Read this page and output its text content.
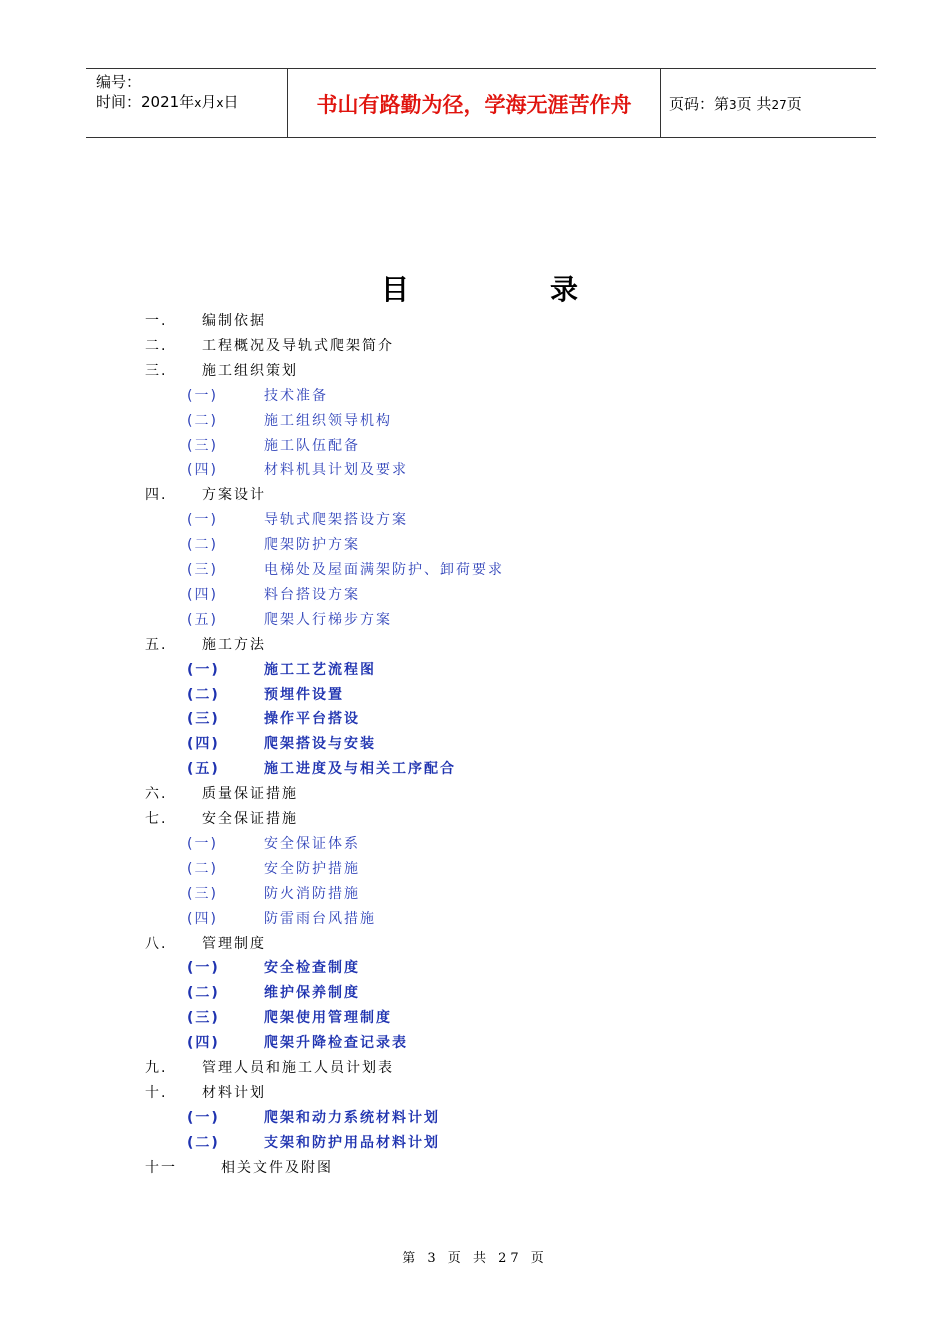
编号：
时间：2021年x月x日	书山有路勤为径，学海无涯苦作舟	页码：第3页 共27页
目	录
一. 编制依据
二. 工程概况及导轨式爬架简介
三. 施工组织策划
(一)	技术准备
(二)	施工组织领导机构
(三)	施工队伍配备
(四)	材料机具计划及要求
四. 方案设计
(一)	导轨式爬架搭设方案
(二)	爬架防护方案
(三)	电梯处及屋面满架防护、卸荷要求
(四)	料台搭设方案
(五)	爬架人行梯步方案
五. 施工方法
(一)	施工工艺流程图
(二)	预埋件设置
(三)	操作平台搭设
(四)	爬架搭设与安装
(五)	施工进度及与相关工序配合
六. 质量保证措施
七. 安全保证措施
(一)	安全保证体系
(二)	安全防护措施
(三)	防火消防措施
(四)	防雷雨台风措施
八. 管理制度
(一)	安全检查制度
(二)	维护保养制度
(三)	爬架使用管理制度
(四)	爬架升降检查记录表
九. 管理人员和施工人员计划表
十. 材料计划
(一)	爬架和动力系统材料计划
(二)	支架和防护用品材料计划
十一	相关文件及附图
第 3 页 共 27 页
